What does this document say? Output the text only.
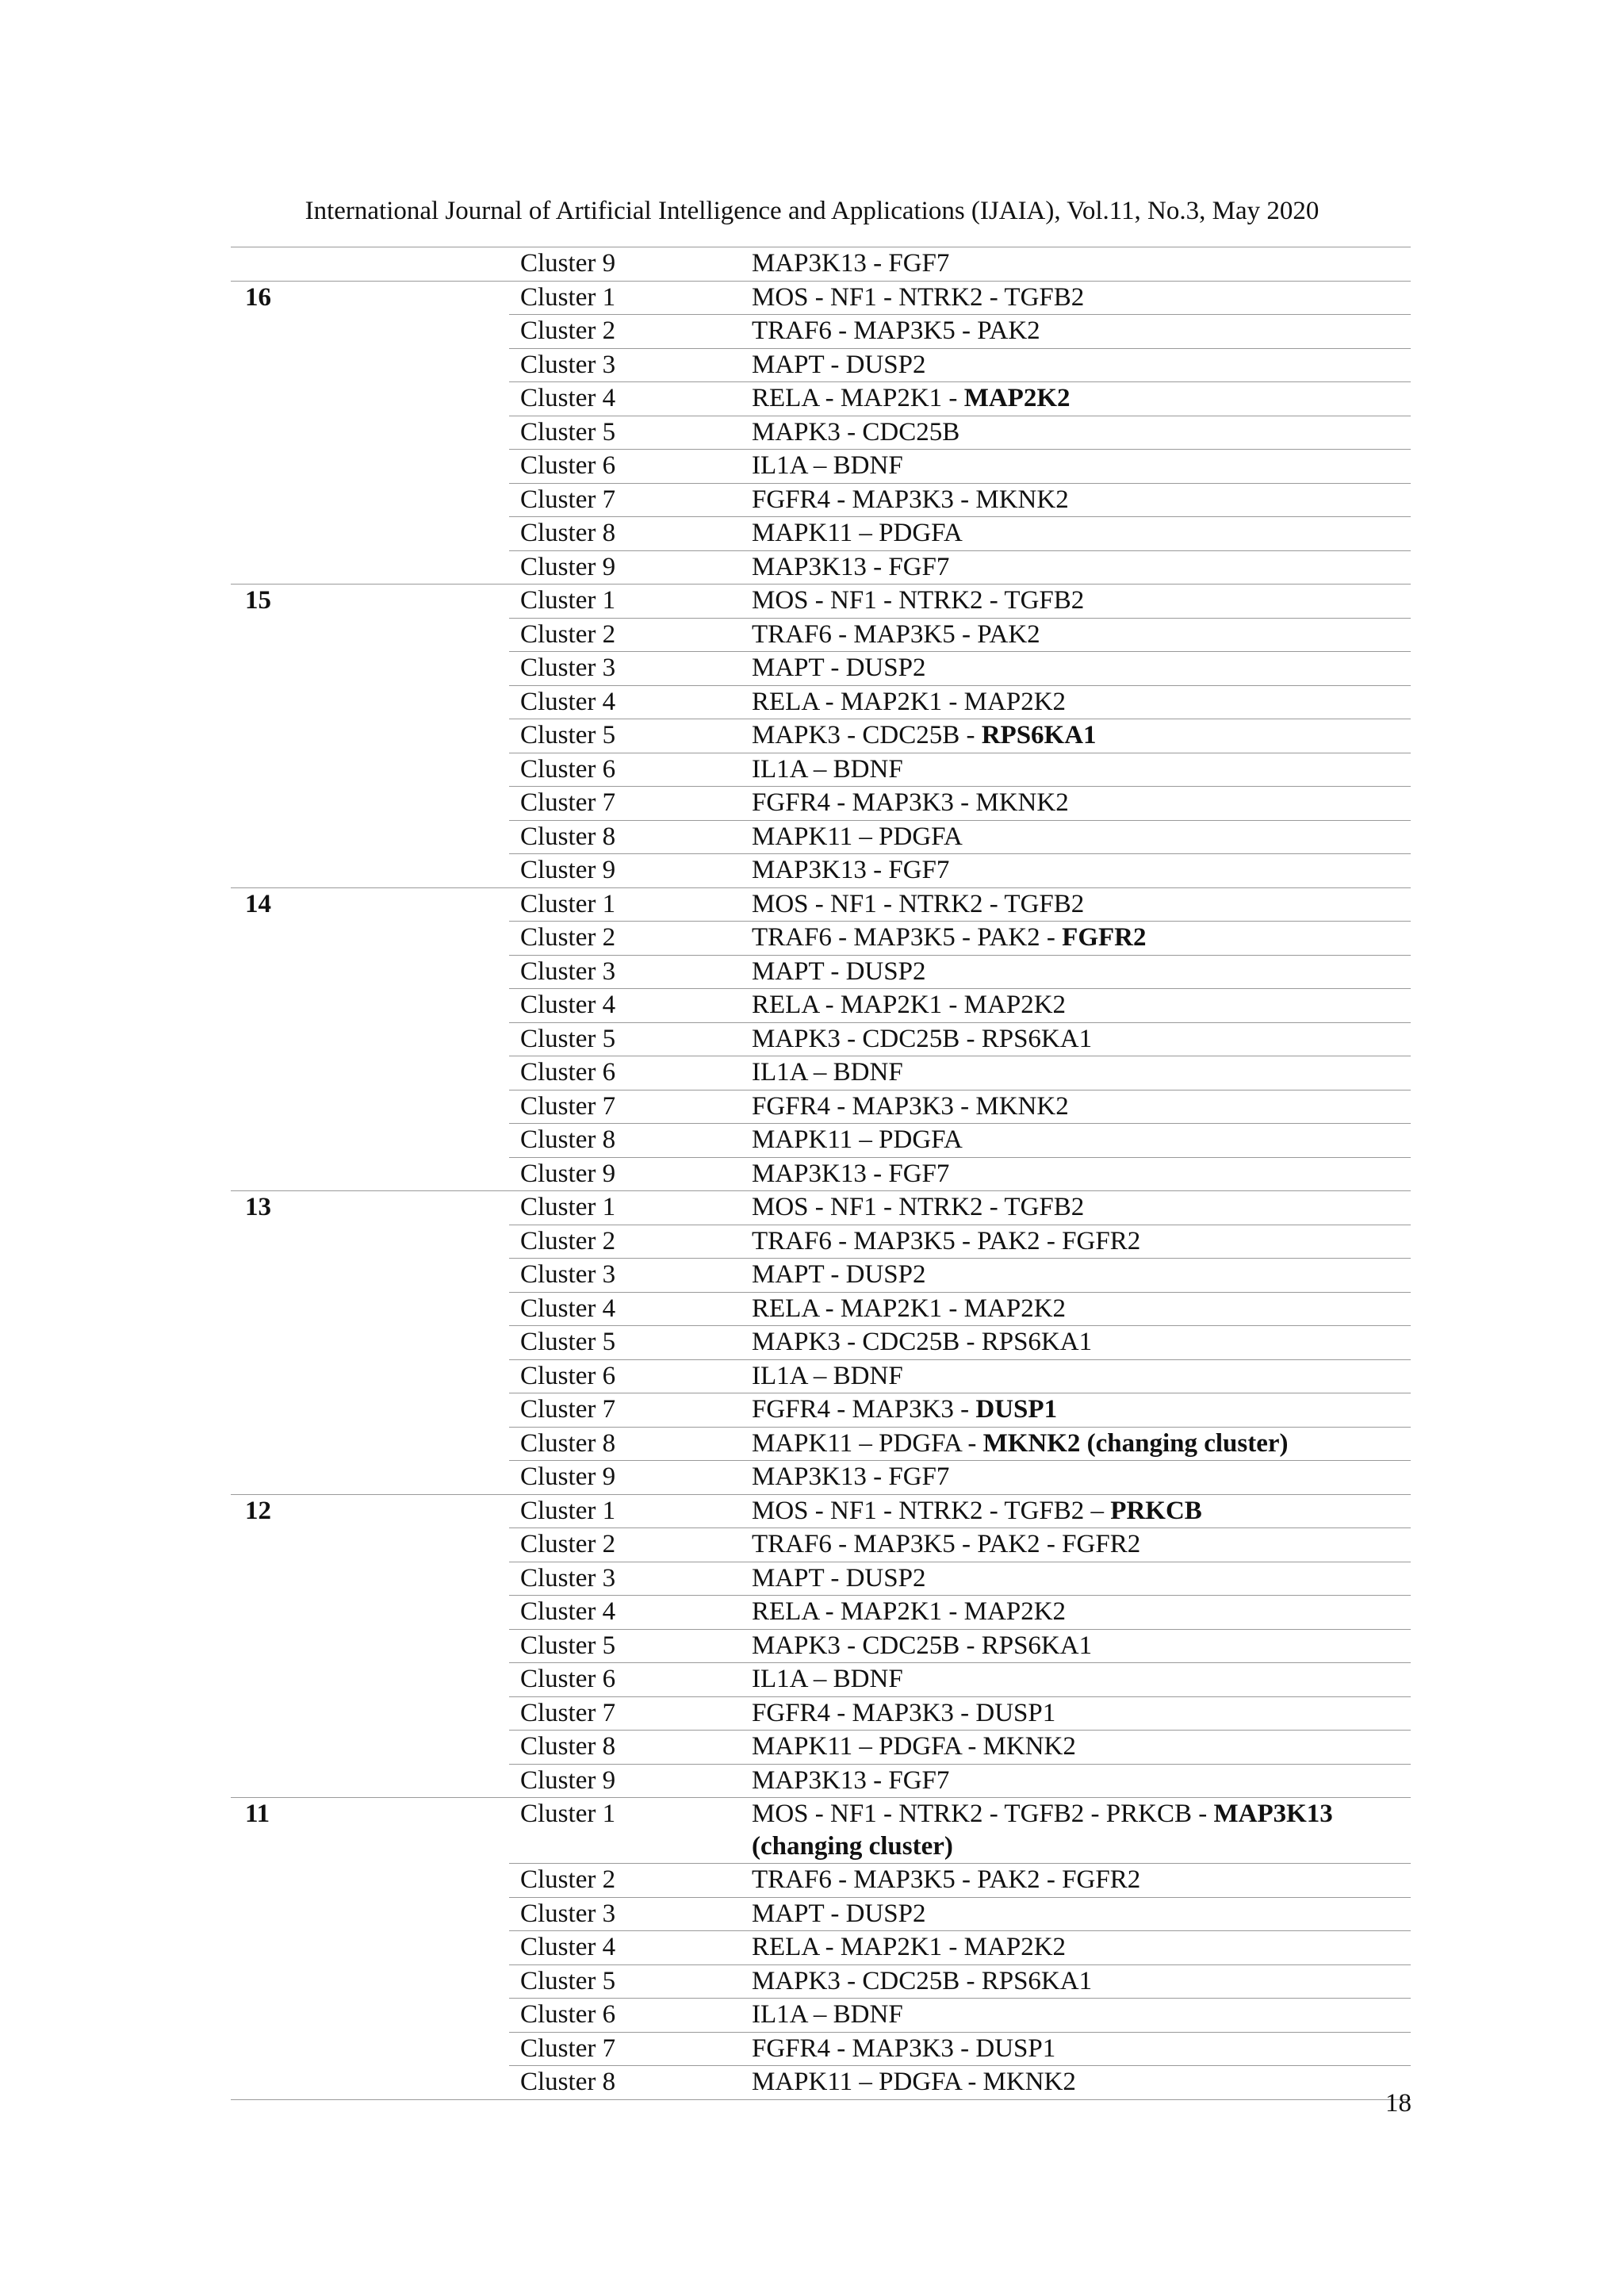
International Journal of Artificial Intelligence and Applications (IJAIA), Vol.11, No.3, May 2020
	Cluster 9	MAP3K13 - FGF7
16	Cluster 1	MOS - NF1 - NTRK2 - TGFB2
	Cluster 2	TRAF6 - MAP3K5 - PAK2
	Cluster 3	MAPT - DUSP2
	Cluster 4	RELA - MAP2K1 - MAP2K2
	Cluster 5	MAPK3 - CDC25B
	Cluster 6	IL1A – BDNF
	Cluster 7	FGFR4 - MAP3K3 - MKNK2
	Cluster 8	MAPK11 – PDGFA
	Cluster 9	MAP3K13 - FGF7
15	Cluster 1	MOS - NF1 - NTRK2 - TGFB2
	Cluster 2	TRAF6 - MAP3K5 - PAK2
	Cluster 3	MAPT - DUSP2
	Cluster 4	RELA - MAP2K1 - MAP2K2
	Cluster 5	MAPK3 - CDC25B - RPS6KA1
	Cluster 6	IL1A – BDNF
	Cluster 7	FGFR4 - MAP3K3 - MKNK2
	Cluster 8	MAPK11 – PDGFA
	Cluster 9	MAP3K13 - FGF7
14	Cluster 1	MOS - NF1 - NTRK2 - TGFB2
	Cluster 2	TRAF6 - MAP3K5 - PAK2 - FGFR2
	Cluster 3	MAPT - DUSP2
	Cluster 4	RELA - MAP2K1 - MAP2K2
	Cluster 5	MAPK3 - CDC25B - RPS6KA1
	Cluster 6	IL1A – BDNF
	Cluster 7	FGFR4 - MAP3K3 - MKNK2
	Cluster 8	MAPK11 – PDGFA
	Cluster 9	MAP3K13 - FGF7
13	Cluster 1	MOS - NF1 - NTRK2 - TGFB2
	Cluster 2	TRAF6 - MAP3K5 - PAK2 - FGFR2
	Cluster 3	MAPT - DUSP2
	Cluster 4	RELA - MAP2K1 - MAP2K2
	Cluster 5	MAPK3 - CDC25B - RPS6KA1
	Cluster 6	IL1A – BDNF
	Cluster 7	FGFR4 - MAP3K3 - DUSP1
	Cluster 8	MAPK11 – PDGFA - MKNK2 (changing cluster)
	Cluster 9	MAP3K13 - FGF7
12	Cluster 1	MOS - NF1 - NTRK2 - TGFB2 – PRKCB
	Cluster 2	TRAF6 - MAP3K5 - PAK2 - FGFR2
	Cluster 3	MAPT - DUSP2
	Cluster 4	RELA - MAP2K1 - MAP2K2
	Cluster 5	MAPK3 - CDC25B - RPS6KA1
	Cluster 6	IL1A – BDNF
	Cluster 7	FGFR4 - MAP3K3 - DUSP1
	Cluster 8	MAPK11 – PDGFA - MKNK2
	Cluster 9	MAP3K13 - FGF7
11	Cluster 1	MOS - NF1 - NTRK2 - TGFB2 - PRKCB - MAP3K13 (changing cluster)
	Cluster 2	TRAF6 - MAP3K5 - PAK2 - FGFR2
	Cluster 3	MAPT - DUSP2
	Cluster 4	RELA - MAP2K1 - MAP2K2
	Cluster 5	MAPK3 - CDC25B - RPS6KA1
	Cluster 6	IL1A – BDNF
	Cluster 7	FGFR4 - MAP3K3 - DUSP1
	Cluster 8	MAPK11 – PDGFA - MKNK2
18
